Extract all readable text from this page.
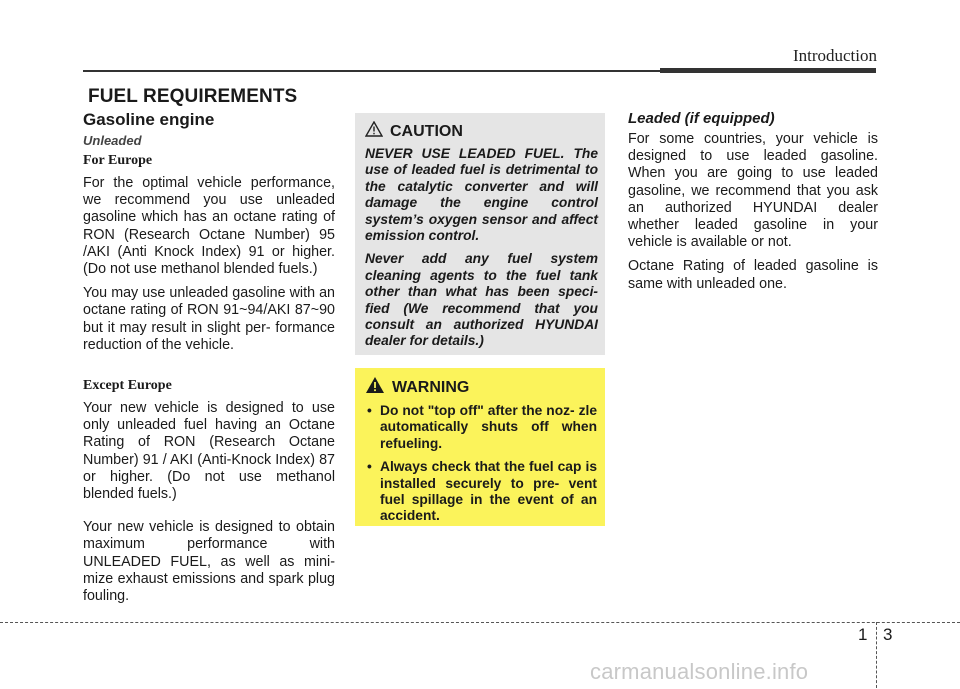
Introduction
FUEL REQUIREMENTS
Gasoline engine
Unleaded
For Europe

For the optimal vehicle performance, we recommend you use unleaded gasoline which has an octane rating of RON (Research Octane Number) 95 /AKI (Anti Knock Index) 91 or higher. (Do not use methanol blended fuels.)

You may use unleaded gasoline with an octane rating of RON 91~94/AKI 87~90 but it may result in slight per- formance reduction of the vehicle.

Except Europe

Your new vehicle is designed to use only unleaded fuel having an Octane Rating of RON (Research Octane Number) 91 / AKI (Anti-Knock Index) 87 or higher. (Do not use methanol blended fuels.)

Your new vehicle is designed to obtain maximum performance with UNLEADED FUEL, as well as mini- mize exhaust emissions and spark plug fouling.

CAUTION

NEVER USE LEADED FUEL. The use of leaded fuel is detrimental to the catalytic converter and will damage the engine control system’s oxygen sensor and affect emission control.

Never add any fuel system cleaning agents to the fuel tank other than what has been speci- fied (We recommend that you consult an authorized HYUNDAI dealer for details.)

WARNING
• Do not "top off" after the noz- zle automatically shuts off when refueling.
• Always check that the fuel cap is installed securely to pre- vent fuel spillage in the event of an accident.
Leaded (if equipped)

For some countries, your vehicle is designed to use leaded gasoline. When you are going to use leaded gasoline, we recommend that you ask an authorized HYUNDAI dealer whether leaded gasoline in your vehicle is available or not.

Octane Rating of leaded gasoline is same with unleaded one.

1 3
carmanualsonline.info
